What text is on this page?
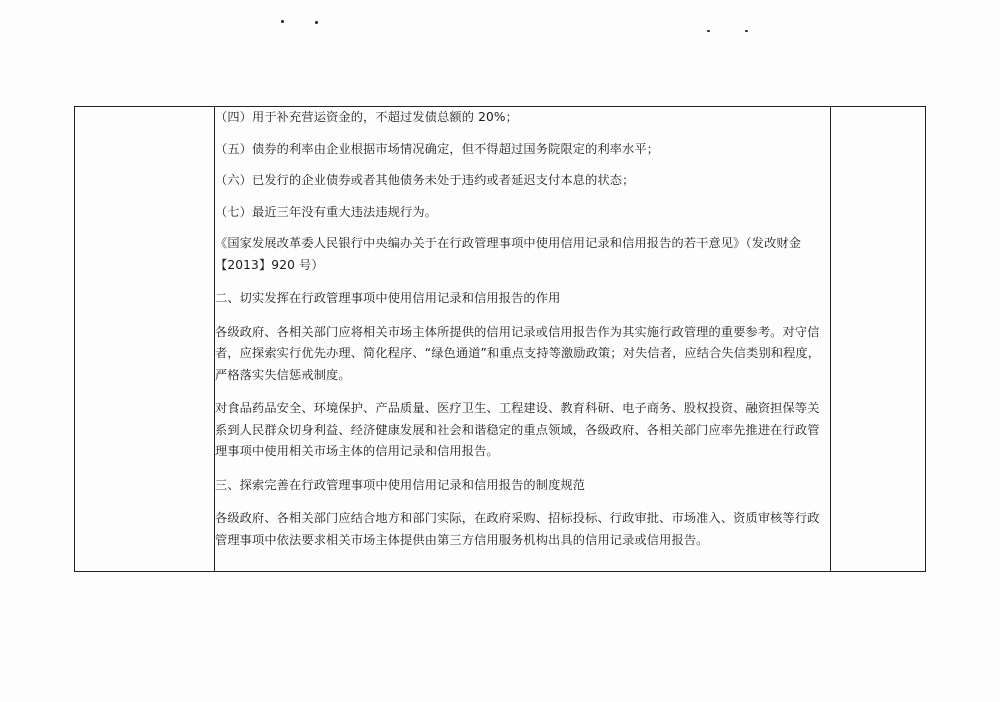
（四）用于补充营运资金的，不超过发债总额的 20%；

（五）债券的利率由企业根据市场情况确定，但不得超过国务院限定的利率水平；

（六）已发行的企业债券或者其他债务未处于违约或者延迟支付本息的状态；

（七）最近三年没有重大违法违规行为。

《国家发展改革委人民银行中央编办关于在行政管理事项中使用信用记录和信用报告的若干意见》（发改财金【2013】920 号）

二、切实发挥在行政管理事项中使用信用记录和信用报告的作用

各级政府、各相关部门应将相关市场主体所提供的信用记录或信用报告作为其实施行政管理的重要参考。对守信者，应探索实行优先办理、简化程序、“绿色通道”和重点支持等激励政策；对失信者，应结合失信类别和程度，严格落实失信惩戒制度。

对食品药品安全、环境保护、产品质量、医疗卫生、工程建设、教育科研、电子商务、股权投资、融资担保等关系到人民群众切身利益、经济健康发展和社会和谐稳定的重点领域，各级政府、各相关部门应率先推进在行政管理事项中使用相关市场主体的信用记录和信用报告。

三、探索完善在行政管理事项中使用信用记录和信用报告的制度规范

各级政府、各相关部门应结合地方和部门实际，在政府采购、招标投标、行政审批、市场准入、资质审核等行政管理事项中依法要求相关市场主体提供由第三方信用服务机构出具的信用记录或信用报告。
